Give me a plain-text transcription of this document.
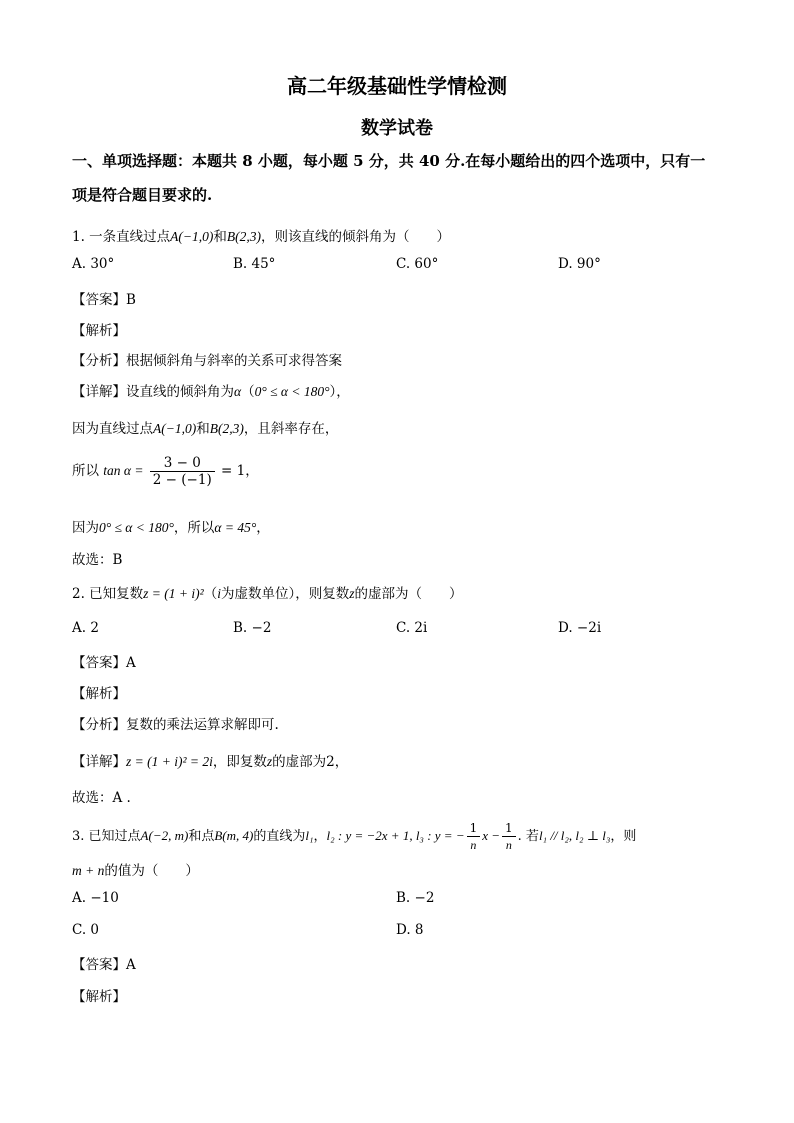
高二年级基础性学情检测
数学试卷
一、单项选择题：本题共 8 小题，每小题 5 分，共 40 分.在每小题给出的四个选项中，只有一
项是符合题目要求的.
1. 一条直线过点A(−1,0)和B(2,3)，则该直线的倾斜角为（　　）
A. 30°	B. 45°	C. 60°	D. 90°
【答案】B
【解析】
【分析】根据倾斜角与斜率的关系可求得答案
【详解】设直线的倾斜角为α（0° ≤ α < 180°），
因为直线过点A(−1,0)和B(2,3)，且斜率存在，
所以 $\tan \alpha = \frac{3 - 0}{2 - (-1)} = 1$，
因为0° ≤ α < 180°，所以α = 45°，
故选：B
2. 已知复数z = (1 + i)²（i为虚数单位），则复数z的虚部为（　　）
A. 2	B. −2	C. 2i	D. −2i
【答案】A
【解析】
【分析】复数的乘法运算求解即可.
【详解】z = (1 + i)² = 2i，即复数z的虚部为2，
故选：A .
3. 已知过点A(−2, m)和点B(m, 4)的直线为l₁，l₂ : y = −2x + 1, l₃ : y = − $\frac{1}{n}$ $x - \frac{1}{n}$ . 若l₁ // l₂, l₂ ⊥ l₃，则
m + n的值为（　　）
A. −10	B. −2
C. 0	D. 8
【答案】A
【解析】
